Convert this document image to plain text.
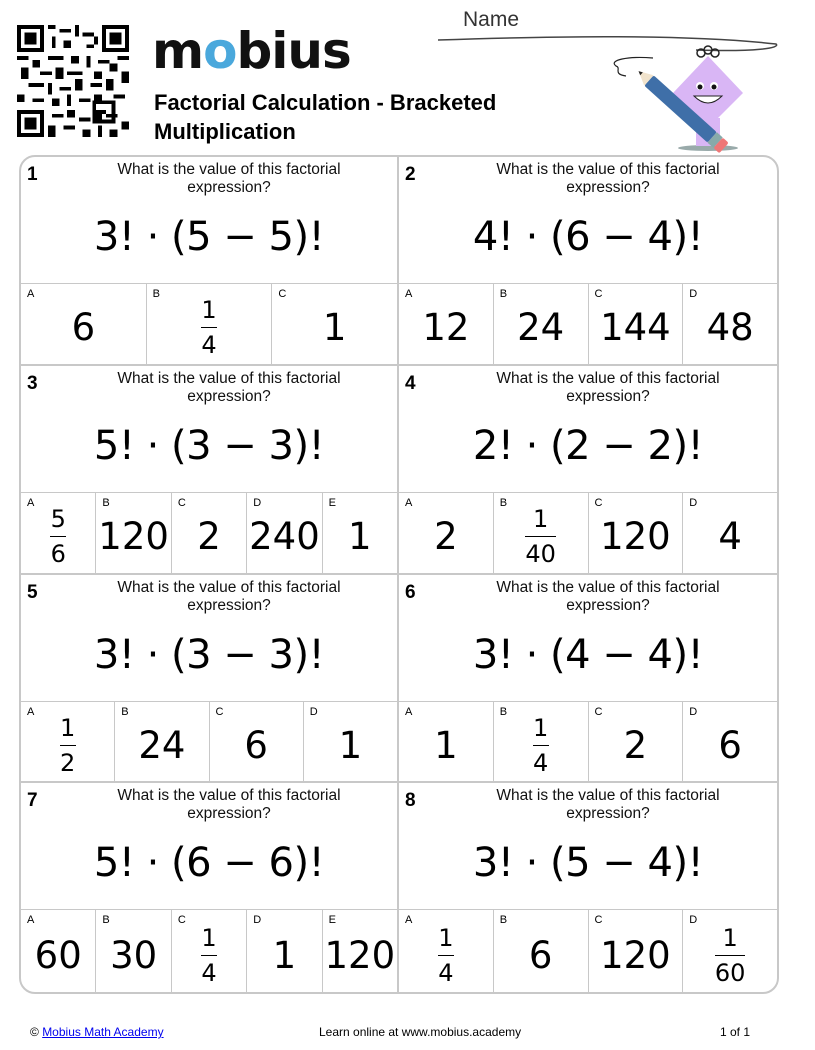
mobius
Factorial Calculation - Bracketed Multiplication
Name
1	What is the value of this factorial expression?
3! · (5 − 5)!
A
6
B
$\frac{1}{4}$
C
1
2	What is the value of this factorial expression?
4! · (6 − 4)!
A
12
B
24
C
144
D
48
3	What is the value of this factorial expression?
5! · (3 − 3)!
A
$\frac{5}{6}$
B
120
C
2
D
240
E
1
4	What is the value of this factorial expression?
2! · (2 − 2)!
A
2
B
$\frac{1}{40}$
C
120
D
4
5	What is the value of this factorial expression?
3! · (3 − 3)!
A
$\frac{1}{2}$
B
24
C
6
D
1
6	What is the value of this factorial expression?
3! · (4 − 4)!
A
1
B
$\frac{1}{4}$
C
2
D
6
7	What is the value of this factorial expression?
5! · (6 − 6)!
A
60
B
30
C
$\frac{1}{4}$
D
1
E
120
8	What is the value of this factorial expression?
3! · (5 − 4)!
A
$\frac{1}{4}$
B
6
C
120
D
$\frac{1}{60}$
© Mobius Math Academy	Learn online at www.mobius.academy	1 of 1
